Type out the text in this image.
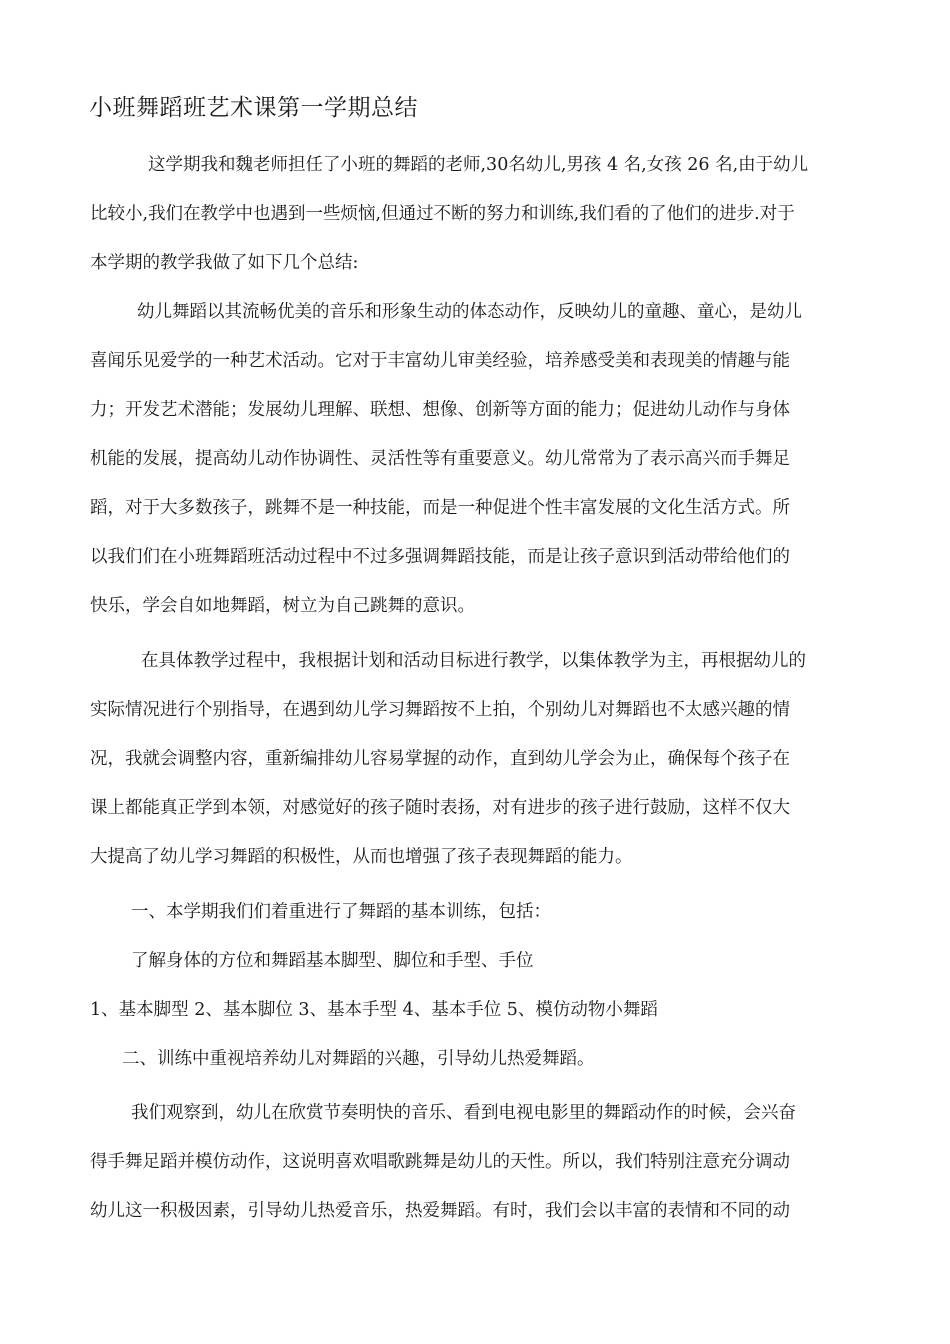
小班舞蹈班艺术课第一学期总结
这学期我和魏老师担任了小班的舞蹈的老师,30名幼儿,男孩 4 名,女孩 26 名,由于幼儿
比较小,我们在教学中也遇到一些烦恼,但通过不断的努力和训练,我们看的了他们的进步.对于
本学期的教学我做了如下几个总结:
幼儿舞蹈以其流畅优美的音乐和形象生动的体态动作，反映幼儿的童趣、童心，是幼儿
喜闻乐见爱学的一种艺术活动。它对于丰富幼儿审美经验，培养感受美和表现美的情趣与能
力；开发艺术潜能；发展幼儿理解、联想、想像、创新等方面的能力；促进幼儿动作与身体
机能的发展，提高幼儿动作协调性、灵活性等有重要意义。幼儿常常为了表示高兴而手舞足
蹈，对于大多数孩子，跳舞不是一种技能，而是一种促进个性丰富发展的文化生活方式。所
以我们们在小班舞蹈班活动过程中不过多强调舞蹈技能，而是让孩子意识到活动带给他们的
快乐，学会自如地舞蹈，树立为自己跳舞的意识。
在具体教学过程中，我根据计划和活动目标进行教学，以集体教学为主，再根据幼儿的
实际情况进行个别指导，在遇到幼儿学习舞蹈按不上拍，个别幼儿对舞蹈也不太感兴趣的情
况，我就会调整内容，重新编排幼儿容易掌握的动作，直到幼儿学会为止，确保每个孩子在
课上都能真正学到本领，对感觉好的孩子随时表扬，对有进步的孩子进行鼓励，这样不仅大
大提高了幼儿学习舞蹈的积极性，从而也增强了孩子表现舞蹈的能力。
一、本学期我们们着重进行了舞蹈的基本训练，包括：
了解身体的方位和舞蹈基本脚型、脚位和手型、手位
1、基本脚型 2、基本脚位 3、基本手型 4、基本手位 5、模仿动物小舞蹈
二、训练中重视培养幼儿对舞蹈的兴趣，引导幼儿热爱舞蹈。
我们观察到，幼儿在欣赏节奏明快的音乐、看到电视电影里的舞蹈动作的时候，会兴奋
得手舞足蹈并模仿动作，这说明喜欢唱歌跳舞是幼儿的天性。所以，我们特别注意充分调动
幼儿这一积极因素，引导幼儿热爱音乐，热爱舞蹈。有时，我们会以丰富的表情和不同的动
